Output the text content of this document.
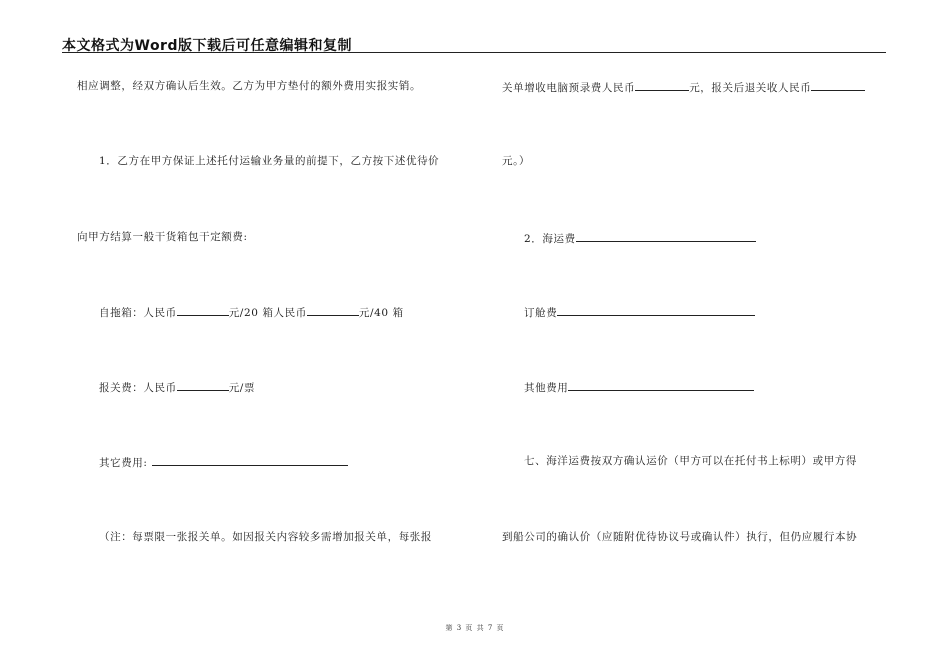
本文格式为Word版下载后可任意编辑和复制
相应调整，经双方确认后生效。乙方为甲方垫付的额外费用实报实销。
1．乙方在甲方保证上述托付运输业务量的前提下，乙方按下述优待价
向甲方结算一般干货箱包干定额费:
自拖箱：人民币	元/20 箱人民币	元/40 箱
报关费：人民币	元/票
其它费用:
（注：每票限一张报关单。如因报关内容较多需增加报关单，每张报
关单增收电脑预录费人民币	元，报关后退关收人民币
元。）
2．海运费
订舱费
其他费用
七、海洋运费按双方确认运价（甲方可以在托付书上标明）或甲方得
到船公司的确认价（应随附优待协议号或确认件）执行，但仍应履行本协
第 3 页 共 7 页
